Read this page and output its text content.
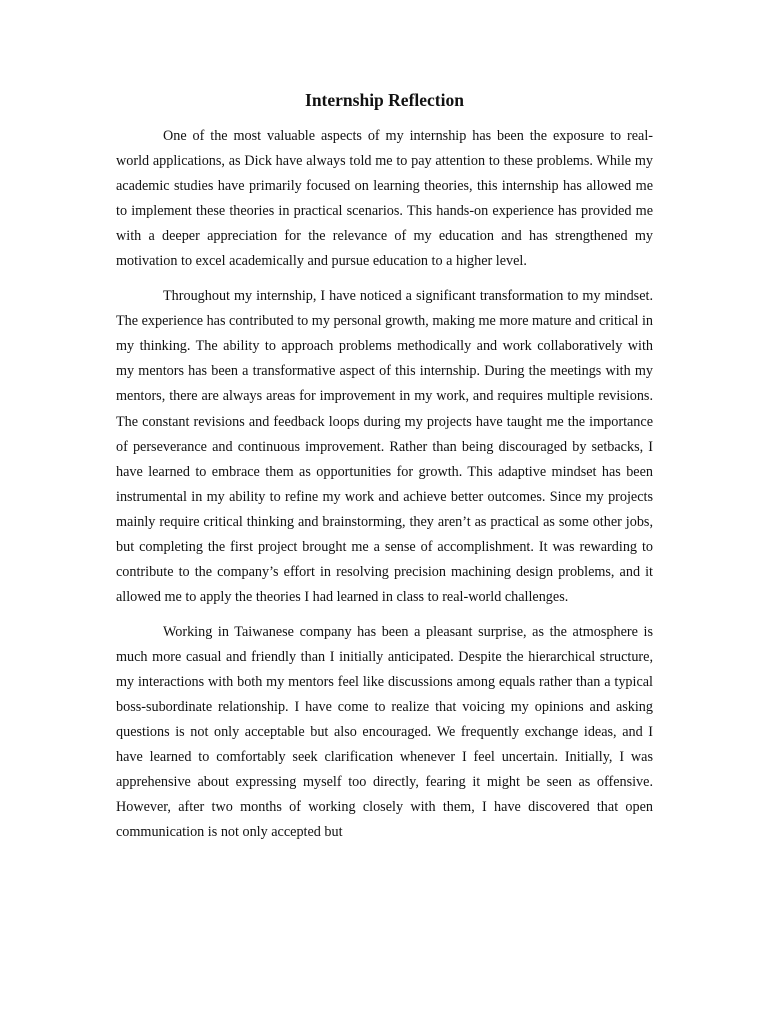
Internship Reflection

One of the most valuable aspects of my internship has been the exposure to real-world applications, as Dick have always told me to pay attention to these problems. While my academic studies have primarily focused on learning theories, this internship has allowed me to implement these theories in practical scenarios. This hands-on experience has provided me with a deeper appreciation for the relevance of my education and has strengthened my motivation to excel academically and pursue education to a higher level.

Throughout my internship, I have noticed a significant transformation to my mindset. The experience has contributed to my personal growth, making me more mature and critical in my thinking. The ability to approach problems methodically and work collaboratively with my mentors has been a transformative aspect of this internship. During the meetings with my mentors, there are always areas for improvement in my work, and requires multiple revisions. The constant revisions and feedback loops during my projects have taught me the importance of perseverance and continuous improvement. Rather than being discouraged by setbacks, I have learned to embrace them as opportunities for growth. This adaptive mindset has been instrumental in my ability to refine my work and achieve better outcomes. Since my projects mainly require critical thinking and brainstorming, they aren’t as practical as some other jobs, but completing the first project brought me a sense of accomplishment. It was rewarding to contribute to the company’s effort in resolving precision machining design problems, and it allowed me to apply the theories I had learned in class to real-world challenges.

Working in Taiwanese company has been a pleasant surprise, as the atmosphere is much more casual and friendly than I initially anticipated. Despite the hierarchical structure, my interactions with both my mentors feel like discussions among equals rather than a typical boss-subordinate relationship. I have come to realize that voicing my opinions and asking questions is not only acceptable but also encouraged. We frequently exchange ideas, and I have learned to comfortably seek clarification whenever I feel uncertain. Initially, I was apprehensive about expressing myself too directly, fearing it might be seen as offensive. However, after two months of working closely with them, I have discovered that open communication is not only accepted but
